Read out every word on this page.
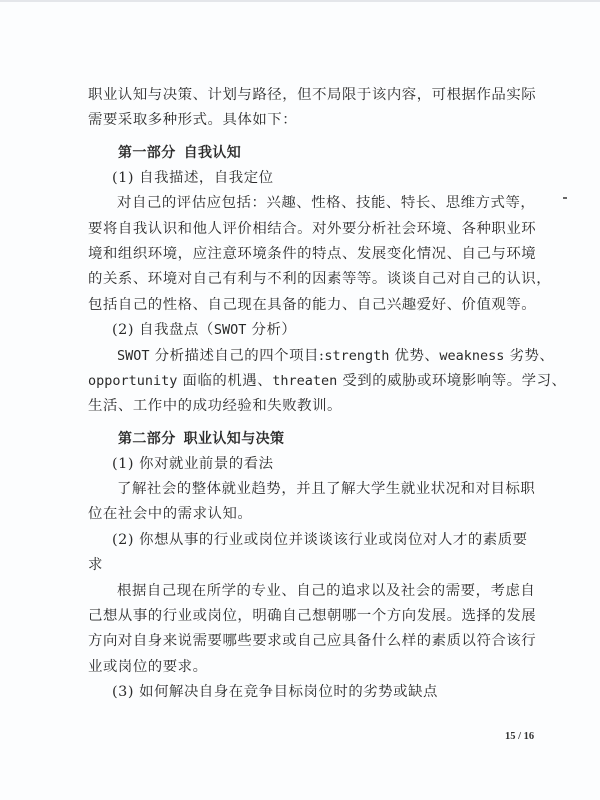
职业认知与决策、计划与路径，但不局限于该内容，可根据作品实际
需要采取多种形式。具体如下：
第一部分 自我认知
(1) 自我描述，自我定位
对自己的评估应包括：兴趣、性格、技能、特长、思维方式等，
要将自我认识和他人评价相结合。对外要分析社会环境、各种职业环
境和组织环境，应注意环境条件的特点、发展变化情况、自己与环境
的关系、环境对自己有利与不利的因素等等。谈谈自己对自己的认识，
包括自己的性格、自己现在具备的能力、自己兴趣爱好、价值观等。
(2) 自我盘点（SWOT 分析）
SWOT 分析描述自己的四个项目:strength 优势、weakness 劣势、
opportunity 面临的机遇、threaten 受到的威胁或环境影响等。学习、
生活、工作中的成功经验和失败教训。
第二部分 职业认知与决策
(1) 你对就业前景的看法
了解社会的整体就业趋势，并且了解大学生就业状况和对目标职
位在社会中的需求认知。
(2) 你想从事的行业或岗位并谈谈该行业或岗位对人才的素质要
求
根据自己现在所学的专业、自己的追求以及社会的需要，考虑自
己想从事的行业或岗位，明确自己想朝哪一个方向发展。选择的发展
方向对自身来说需要哪些要求或自己应具备什么样的素质以符合该行
业或岗位的要求。
(3) 如何解决自身在竞争目标岗位时的劣势或缺点
15 / 16
